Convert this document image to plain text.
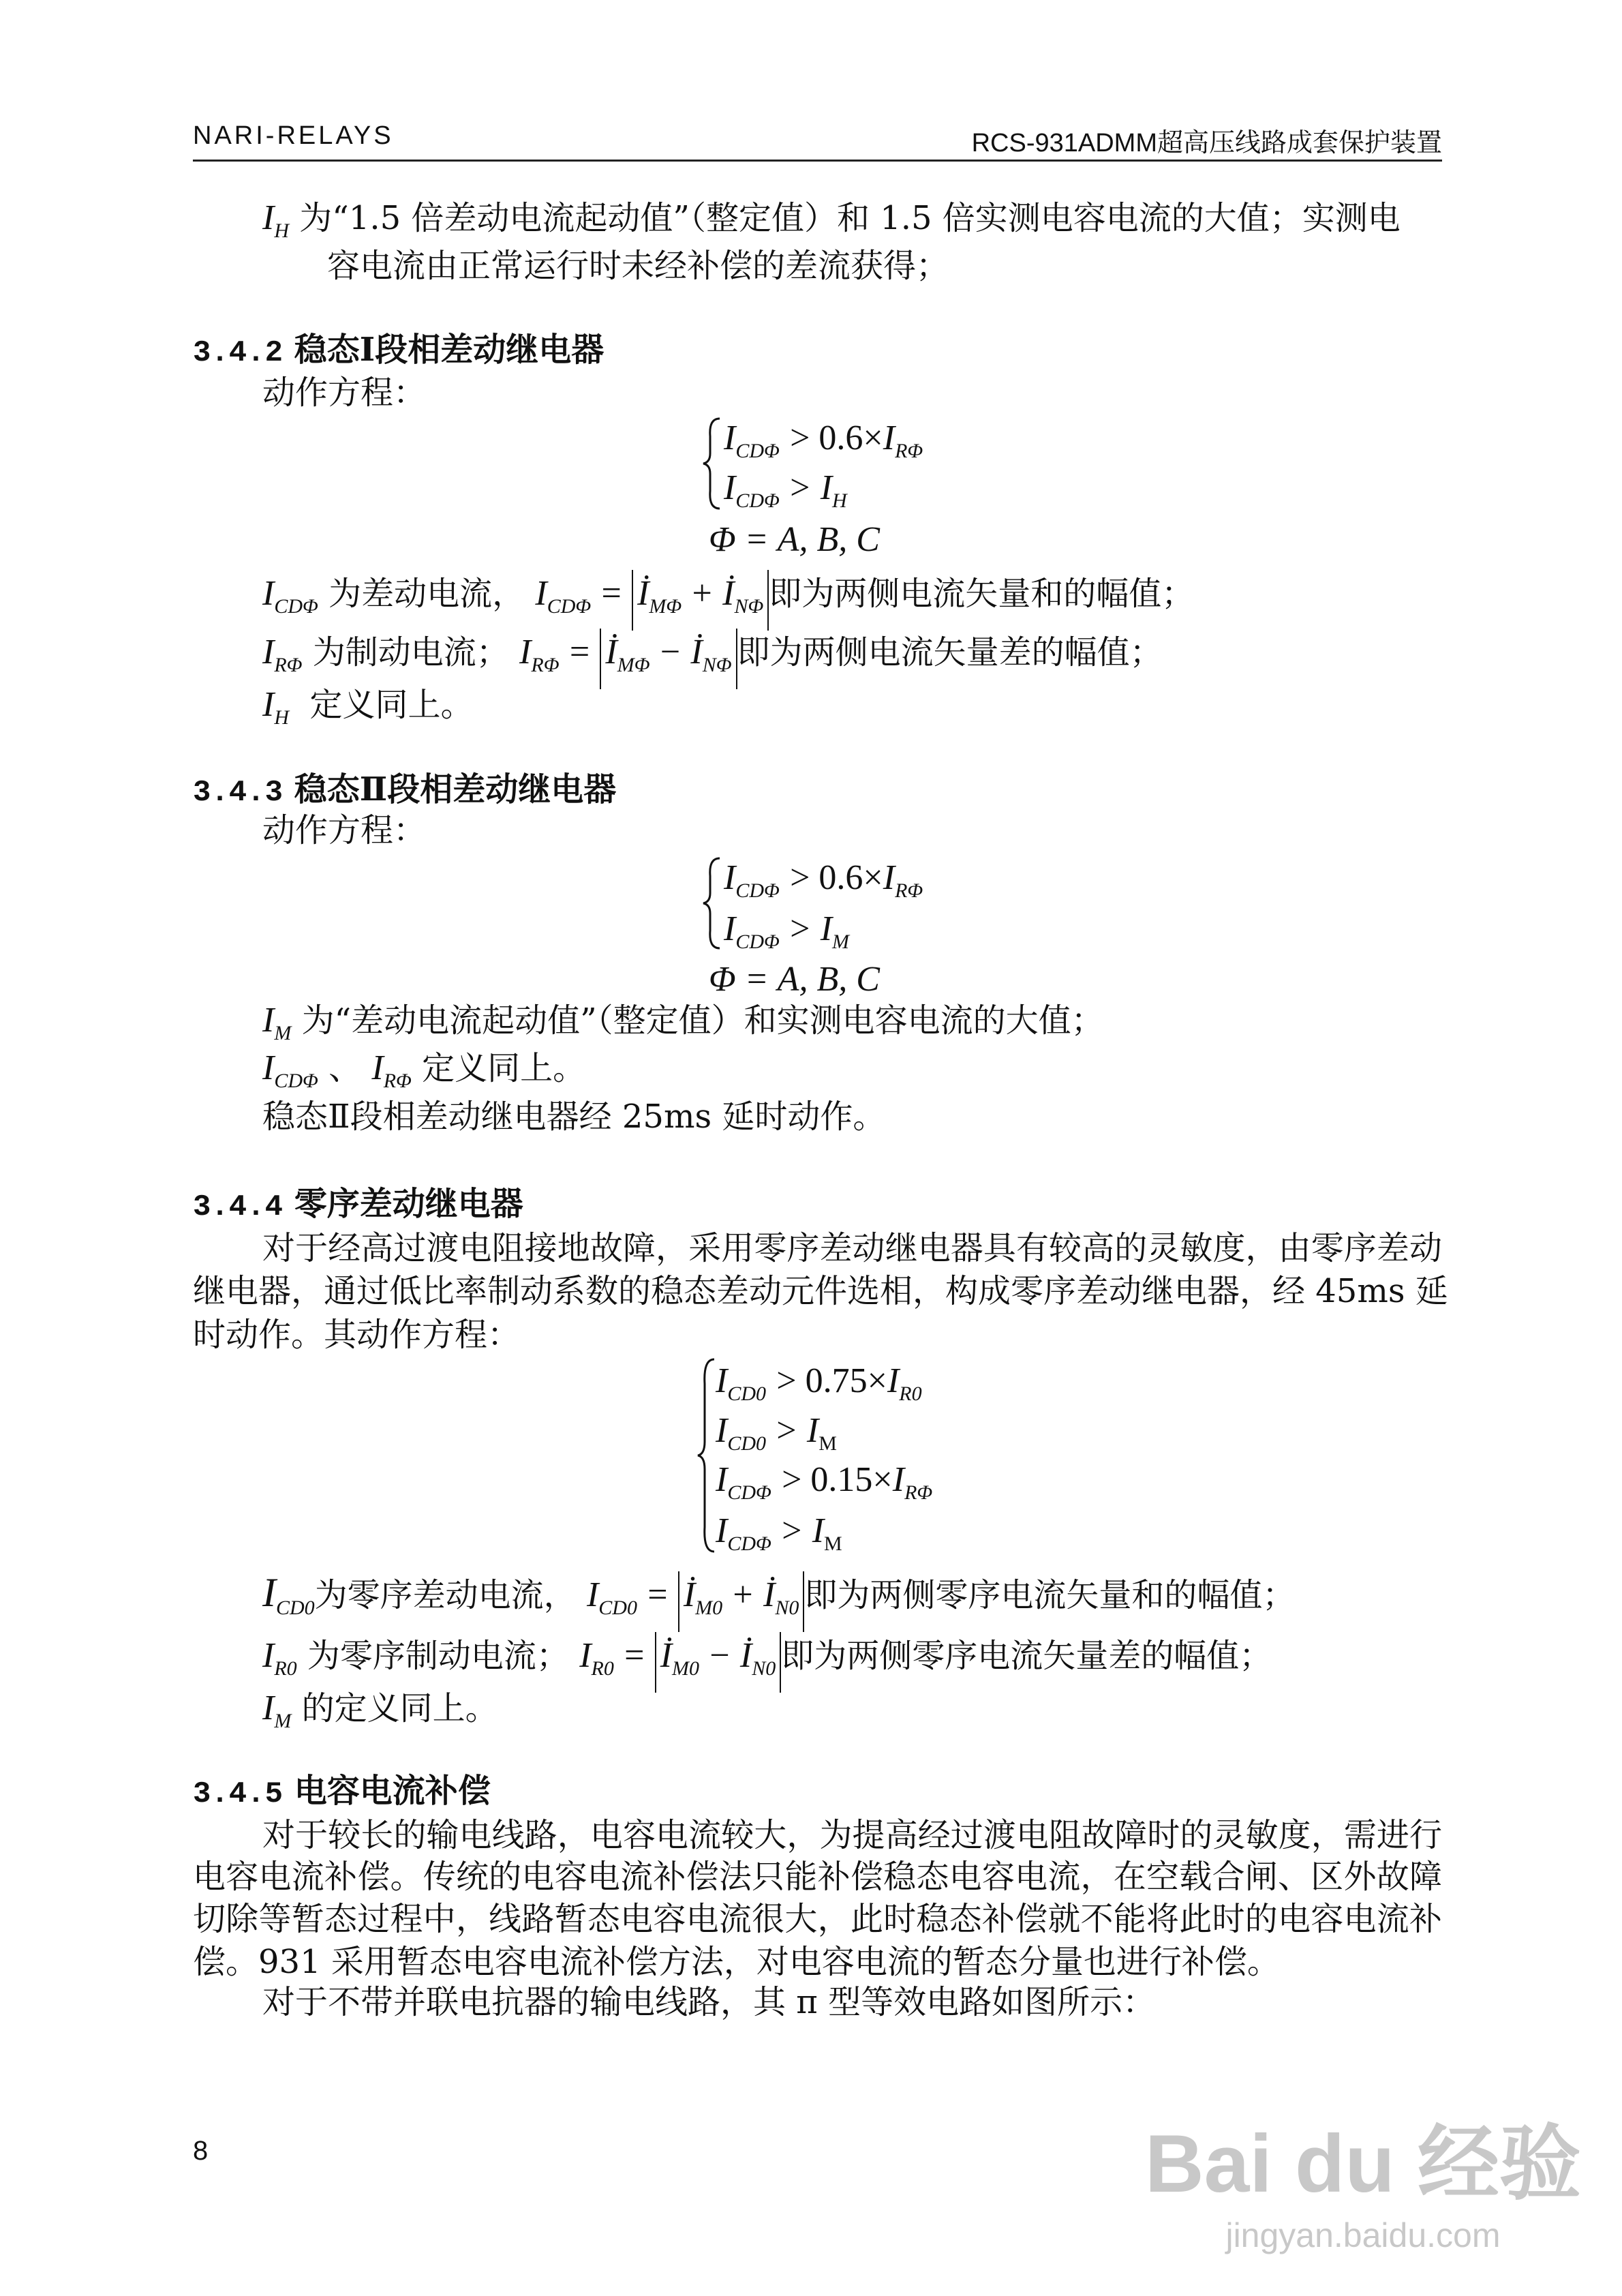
NARI-RELAYS	RCS-931ADMM超高压线路成套保护装置
$I_H$ 为“1.5 倍差动电流起动值”（整定值）和 1.5 倍实测电容电流的大值；实测电
容电流由正常运行时未经补偿的差流获得；
3.4.2 稳态Ⅰ段相差动继电器
动作方程：
$I_{CD\Phi} > 0.6\times I_{R\Phi}$
$I_{CD\Phi} > I_H$
Φ = A, B, C
$I_{CD\Phi}$ 为差动电流， $I_{CD\Phi}$ = $İ_{M\Phi}$ + $İ_{N\Phi}$ 即为两侧电流矢量和的幅值；
$I_{R\Phi}$ 为制动电流； $I_{R\Phi}$ = $İ_{M\Phi}$ − $İ_{N\Phi}$ 即为两侧电流矢量差的幅值；
$I_H$ 定义同上。
3.4.3 稳态Ⅱ段相差动继电器
动作方程：
$I_{CD\Phi} > 0.6\times I_{R\Phi}$
$I_{CD\Phi} > I_M$
Φ = A, B, C
$I_M$ 为“差动电流起动值”（整定值）和实测电容电流的大值；
$I_{CD\Phi}$ 、 $I_{R\Phi}$ 定义同上。
稳态Ⅱ段相差动继电器经 25ms 延时动作。
3.4.4 零序差动继电器
对于经高过渡电阻接地故障，采用零序差动继电器具有较高的灵敏度，由零序差动
继电器，通过低比率制动系数的稳态差动元件选相，构成零序差动继电器，经 45ms 延
时动作。其动作方程：
$I_{CD0} > 0.75\times I_{R0}$
$I_{CD0} > I_M$
$I_{CD\Phi} > 0.15\times I_{R\Phi}$
$I_{CD\Phi} > I_M$
$I_{CD0}$为零序差动电流， $I_{CD0}$ = $İ_{M0}$ + $İ_{N0}$ 即为两侧零序电流矢量和的幅值；
$I_{R0}$ 为零序制动电流； $I_{R0}$ = $İ_{M0}$ − $İ_{N0}$ 即为两侧零序电流矢量差的幅值；
$I_M$ 的定义同上。
3.4.5 电容电流补偿
对于较长的输电线路，电容电流较大，为提高经过渡电阻故障时的灵敏度，需进行
电容电流补偿。传统的电容电流补偿法只能补偿稳态电容电流，在空载合闸、区外故障
切除等暂态过程中，线路暂态电容电流很大，此时稳态补偿就不能将此时的电容电流补
偿。931 采用暂态电容电流补偿方法，对电容电流的暂态分量也进行补偿。
对于不带并联电抗器的输电线路，其 π 型等效电路如图所示：
8	Bai du 经验
jingyan.baidu.com
